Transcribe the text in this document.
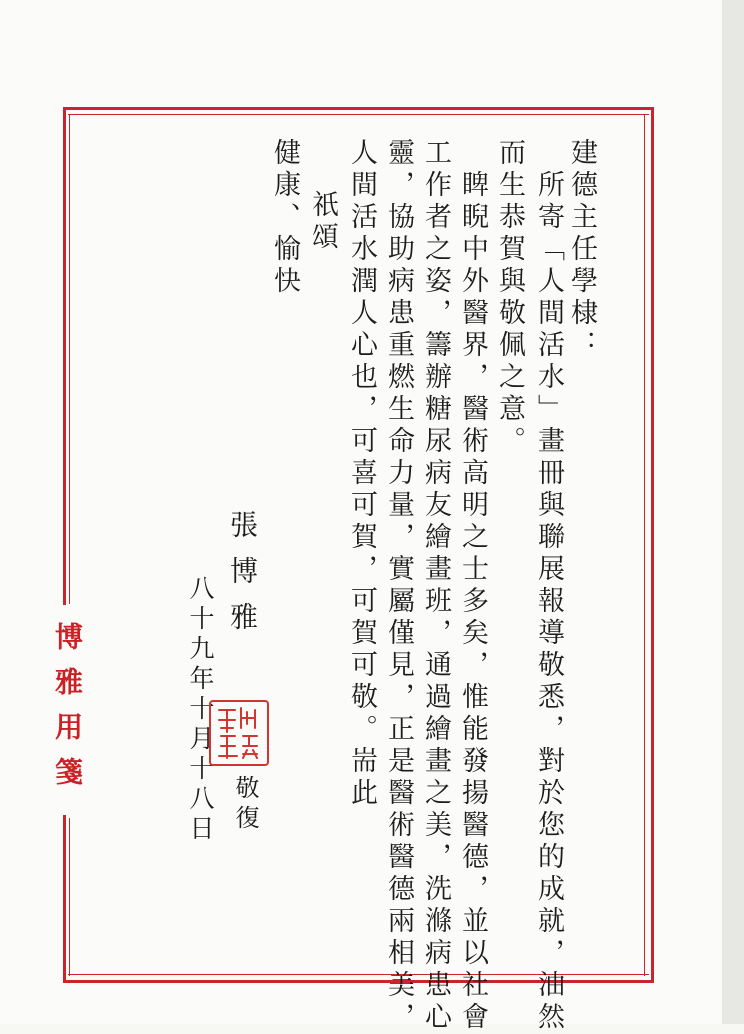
博雅用箋
建德主任學棣：
所寄「人間活水」畫冊與聯展報導敬悉，對於您的成就，油然
而生恭賀與敬佩之意。
睥睨中外醫界，醫術高明之士多矣，惟能發揚醫德，並以社會
工作者之姿，籌辦糖尿病友繪畫班，通過繪畫之美，洗滌病患心
靈，協助病患重燃生命力量，實屬僅見，正是醫術醫德兩相美，
人間活水潤人心也，可喜可賀，可賀可敬。耑此
祇頌
健康、愉快
張博雅
八十九年十月十八日 敬復
